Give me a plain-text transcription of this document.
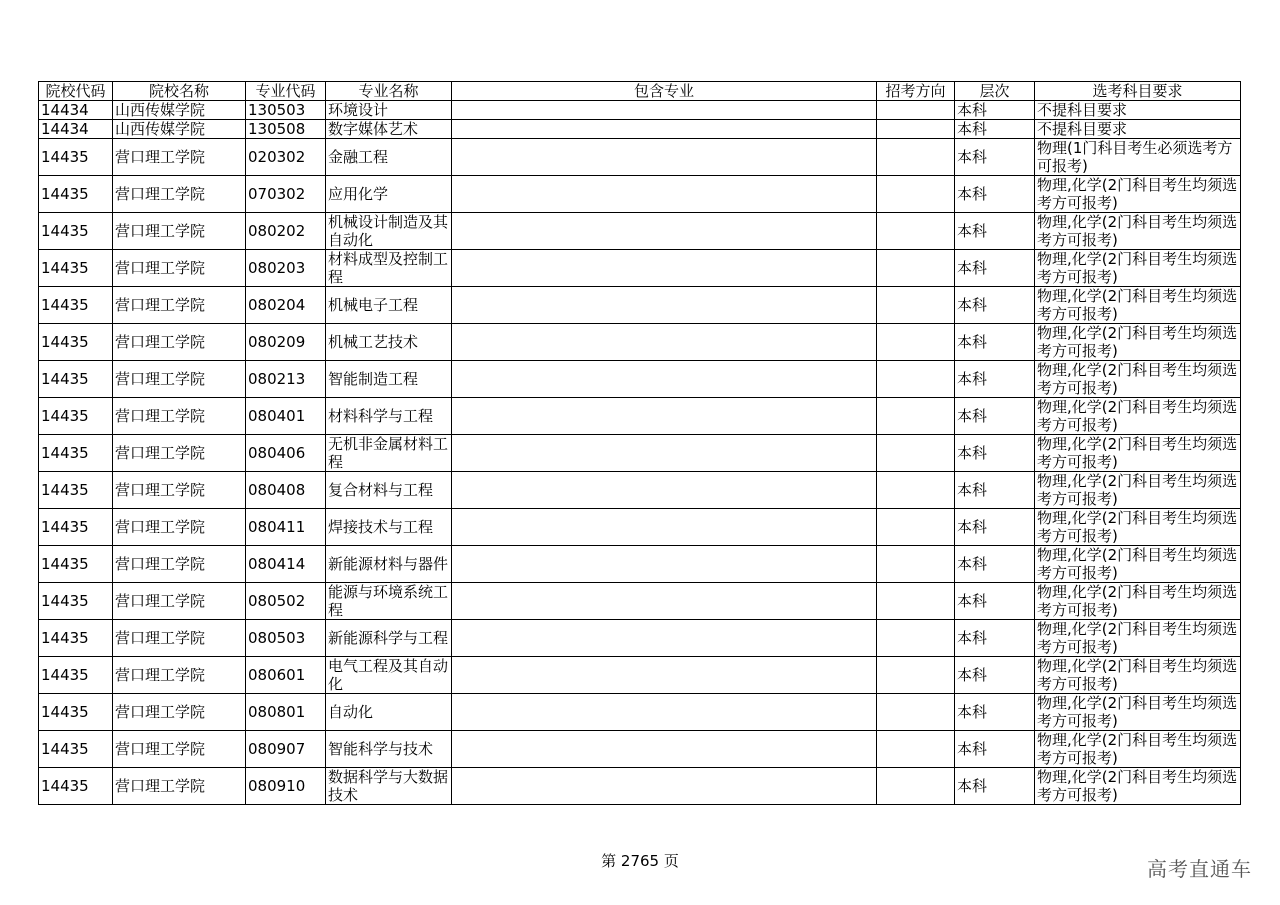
院校代码	院校名称	专业代码	专业名称	包含专业	招考方向	层次	选考科目要求
14434	山西传媒学院	130503	环境设计			本科	不提科目要求
14434	山西传媒学院	130508	数字媒体艺术			本科	不提科目要求
14435	营口理工学院	020302	金融工程			本科	物理(1门科目考生必须选考方可报考)
14435	营口理工学院	070302	应用化学			本科	物理,化学(2门科目考生均须选考方可报考)
14435	营口理工学院	080202	机械设计制造及其自动化			本科	物理,化学(2门科目考生均须选考方可报考)
14435	营口理工学院	080203	材料成型及控制工程			本科	物理,化学(2门科目考生均须选考方可报考)
14435	营口理工学院	080204	机械电子工程			本科	物理,化学(2门科目考生均须选考方可报考)
14435	营口理工学院	080209	机械工艺技术			本科	物理,化学(2门科目考生均须选考方可报考)
14435	营口理工学院	080213	智能制造工程			本科	物理,化学(2门科目考生均须选考方可报考)
14435	营口理工学院	080401	材料科学与工程			本科	物理,化学(2门科目考生均须选考方可报考)
14435	营口理工学院	080406	无机非金属材料工程			本科	物理,化学(2门科目考生均须选考方可报考)
14435	营口理工学院	080408	复合材料与工程			本科	物理,化学(2门科目考生均须选考方可报考)
14435	营口理工学院	080411	焊接技术与工程			本科	物理,化学(2门科目考生均须选考方可报考)
14435	营口理工学院	080414	新能源材料与器件			本科	物理,化学(2门科目考生均须选考方可报考)
14435	营口理工学院	080502	能源与环境系统工程			本科	物理,化学(2门科目考生均须选考方可报考)
14435	营口理工学院	080503	新能源科学与工程			本科	物理,化学(2门科目考生均须选考方可报考)
14435	营口理工学院	080601	电气工程及其自动化			本科	物理,化学(2门科目考生均须选考方可报考)
14435	营口理工学院	080801	自动化			本科	物理,化学(2门科目考生均须选考方可报考)
14435	营口理工学院	080907	智能科学与技术			本科	物理,化学(2门科目考生均须选考方可报考)
14435	营口理工学院	080910	数据科学与大数据技术			本科	物理,化学(2门科目考生均须选考方可报考)
第 2765 页	高考直通车
